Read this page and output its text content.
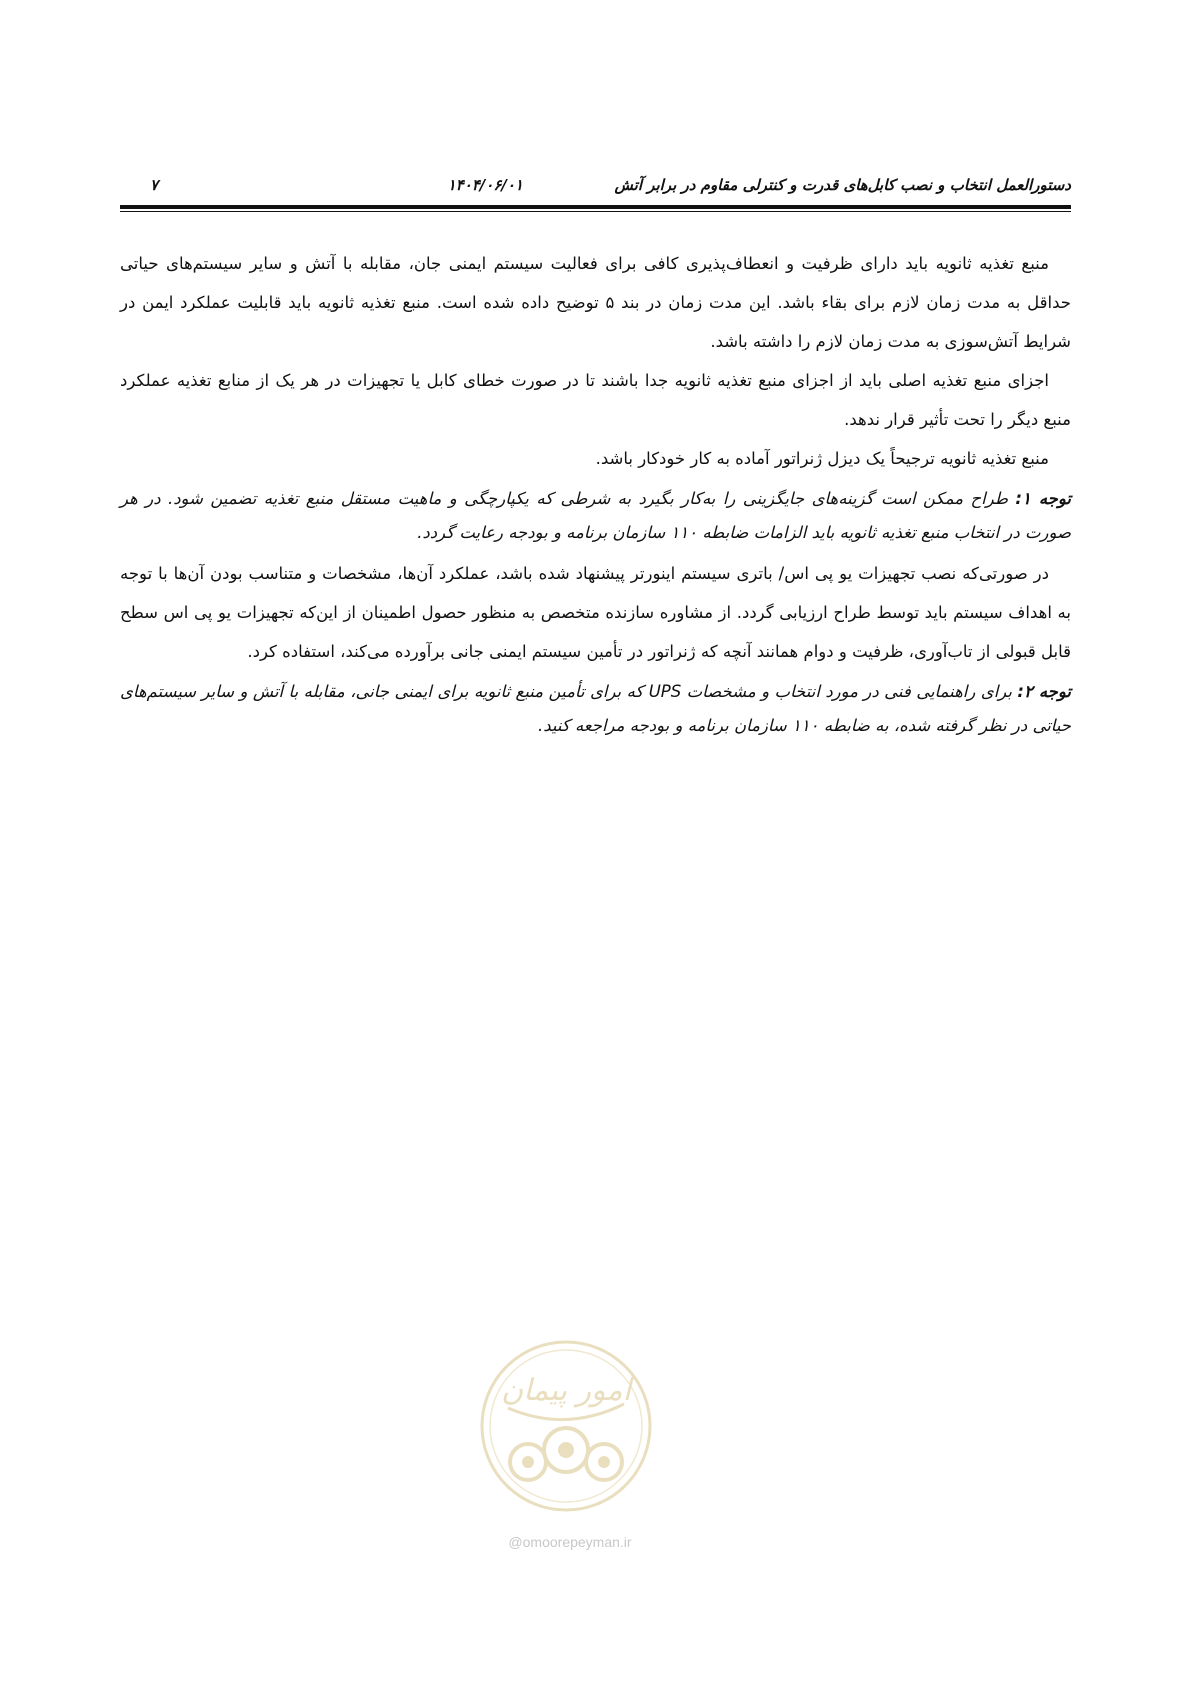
دستورالعمل انتخاب و نصب کابل‌های قدرت و کنترلی مقاوم در برابر آتش
۱۴۰۴/۰۶/۰۱
۷

منبع تغذیه ثانویه باید دارای ظرفیت و انعطاف‌پذیری کافی برای فعالیت سیستم ایمنی جان، مقابله با آتش و سایر سیستم‌های حیاتی حداقل به مدت زمان لازم برای بقاء باشد. این مدت زمان در بند ۵ توضیح داده شده است. منبع تغذیه ثانویه باید قابلیت عملکرد ایمن در شرایط آتش‌سوزی به مدت زمان لازم را داشته باشد.

اجزای منبع تغذیه اصلی باید از اجزای منبع تغذیه ثانویه جدا باشند تا در صورت خطای کابل یا تجهیزات در هر یک از منابع تغذیه عملکرد منبع دیگر را تحت تأثیر قرار ندهد.

منبع تغذیه ثانویه ترجیحاً یک دیزل ژنراتور آماده به کار خودکار باشد.

توجه ۱: طراح ممکن است گزینه‌های جایگزینی را به‌کار بگیرد به شرطی که یکپارچگی و ماهیت مستقل منبع تغذیه تضمین شود. در هر صورت در انتخاب منبع تغذیه ثانویه باید الزامات ضابطه ۱۱۰ سازمان برنامه و بودجه رعایت گردد.

در صورتی‌که نصب تجهیزات یو پی اس/ باتری سیستم اینورتر پیشنهاد شده باشد، عملکرد آن‌ها، مشخصات و متناسب بودن آن‌ها با توجه به اهداف سیستم باید توسط طراح ارزیابی گردد. از مشاوره سازنده متخصص به منظور حصول اطمینان از این‌که تجهیزات یو پی اس سطح قابل قبولی از تاب‌آوری، ظرفیت و دوام همانند آنچه که ژنراتور در تأمین سیستم ایمنی جانی برآورده می‌کند، استفاده کرد.

توجه ۲: برای راهنمایی فنی در مورد انتخاب و مشخصات UPS که برای تأمین منبع ثانویه برای ایمنی جانی، مقابله با آتش و سایر سیستم‌های حیاتی در نظر گرفته شده، به ضابطه ۱۱۰ سازمان برنامه و بودجه مراجعه کنید.

امور پیمان
@omoorepeyman.ir
